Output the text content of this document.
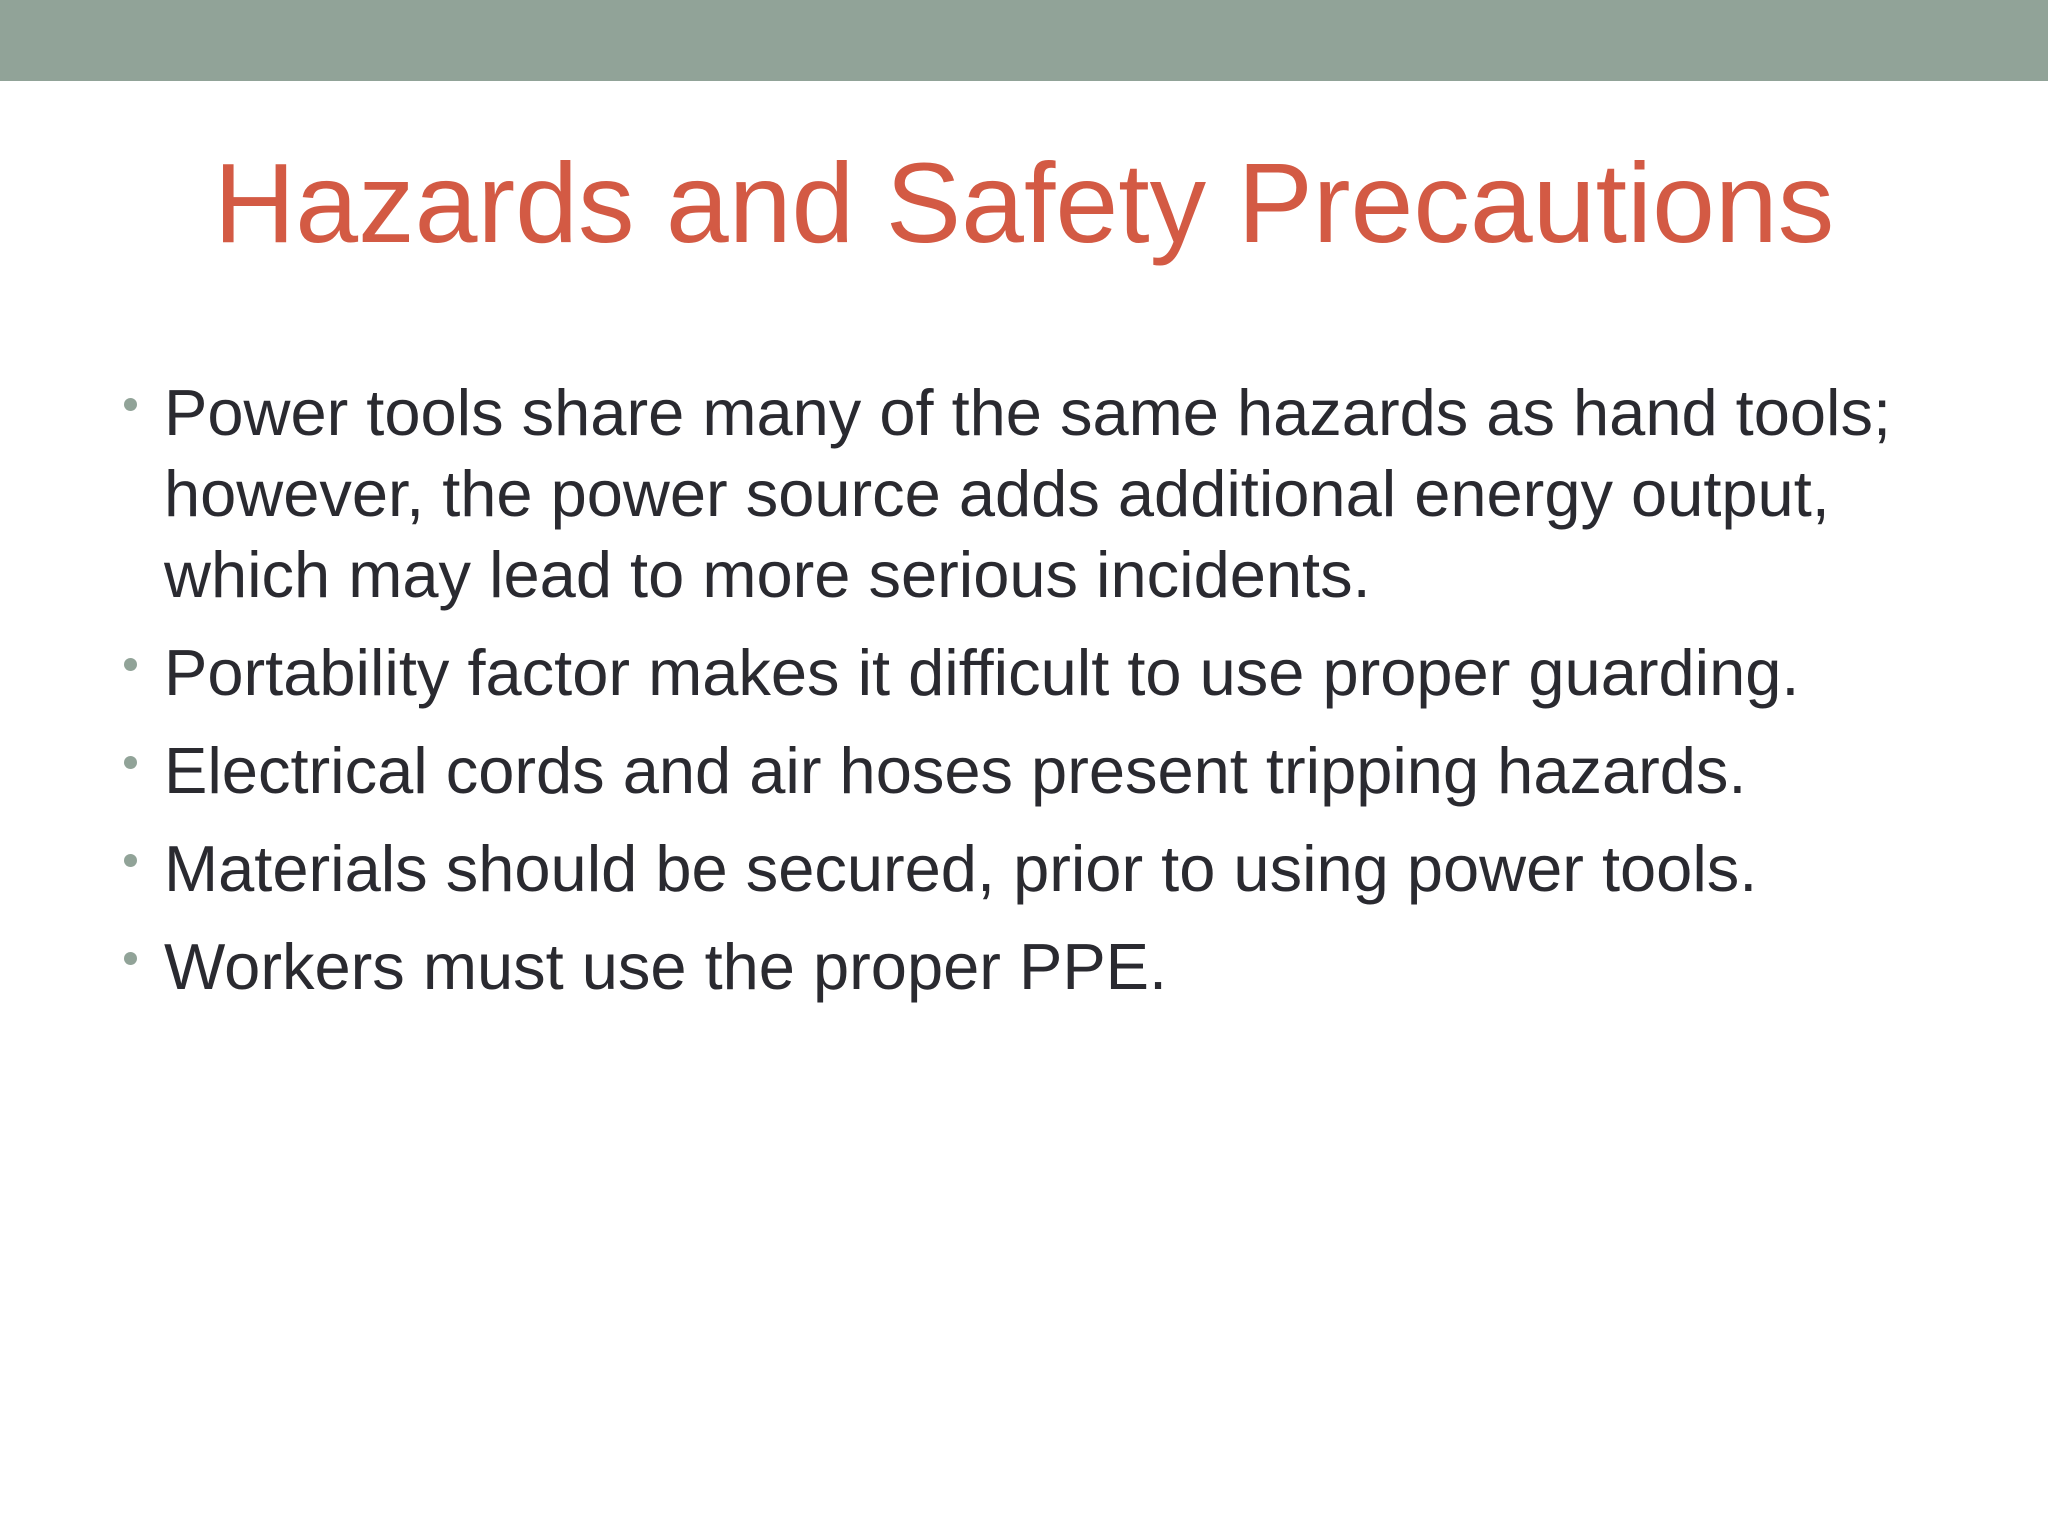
Hazards and Safety Precautions
Power tools share many of the same hazards as hand tools; however, the power source adds additional energy output, which may lead to more serious incidents.
Portability factor makes it difficult to use proper guarding.
Electrical cords and air hoses present tripping hazards.
Materials should be secured, prior to using power tools.
Workers must use the proper PPE.
